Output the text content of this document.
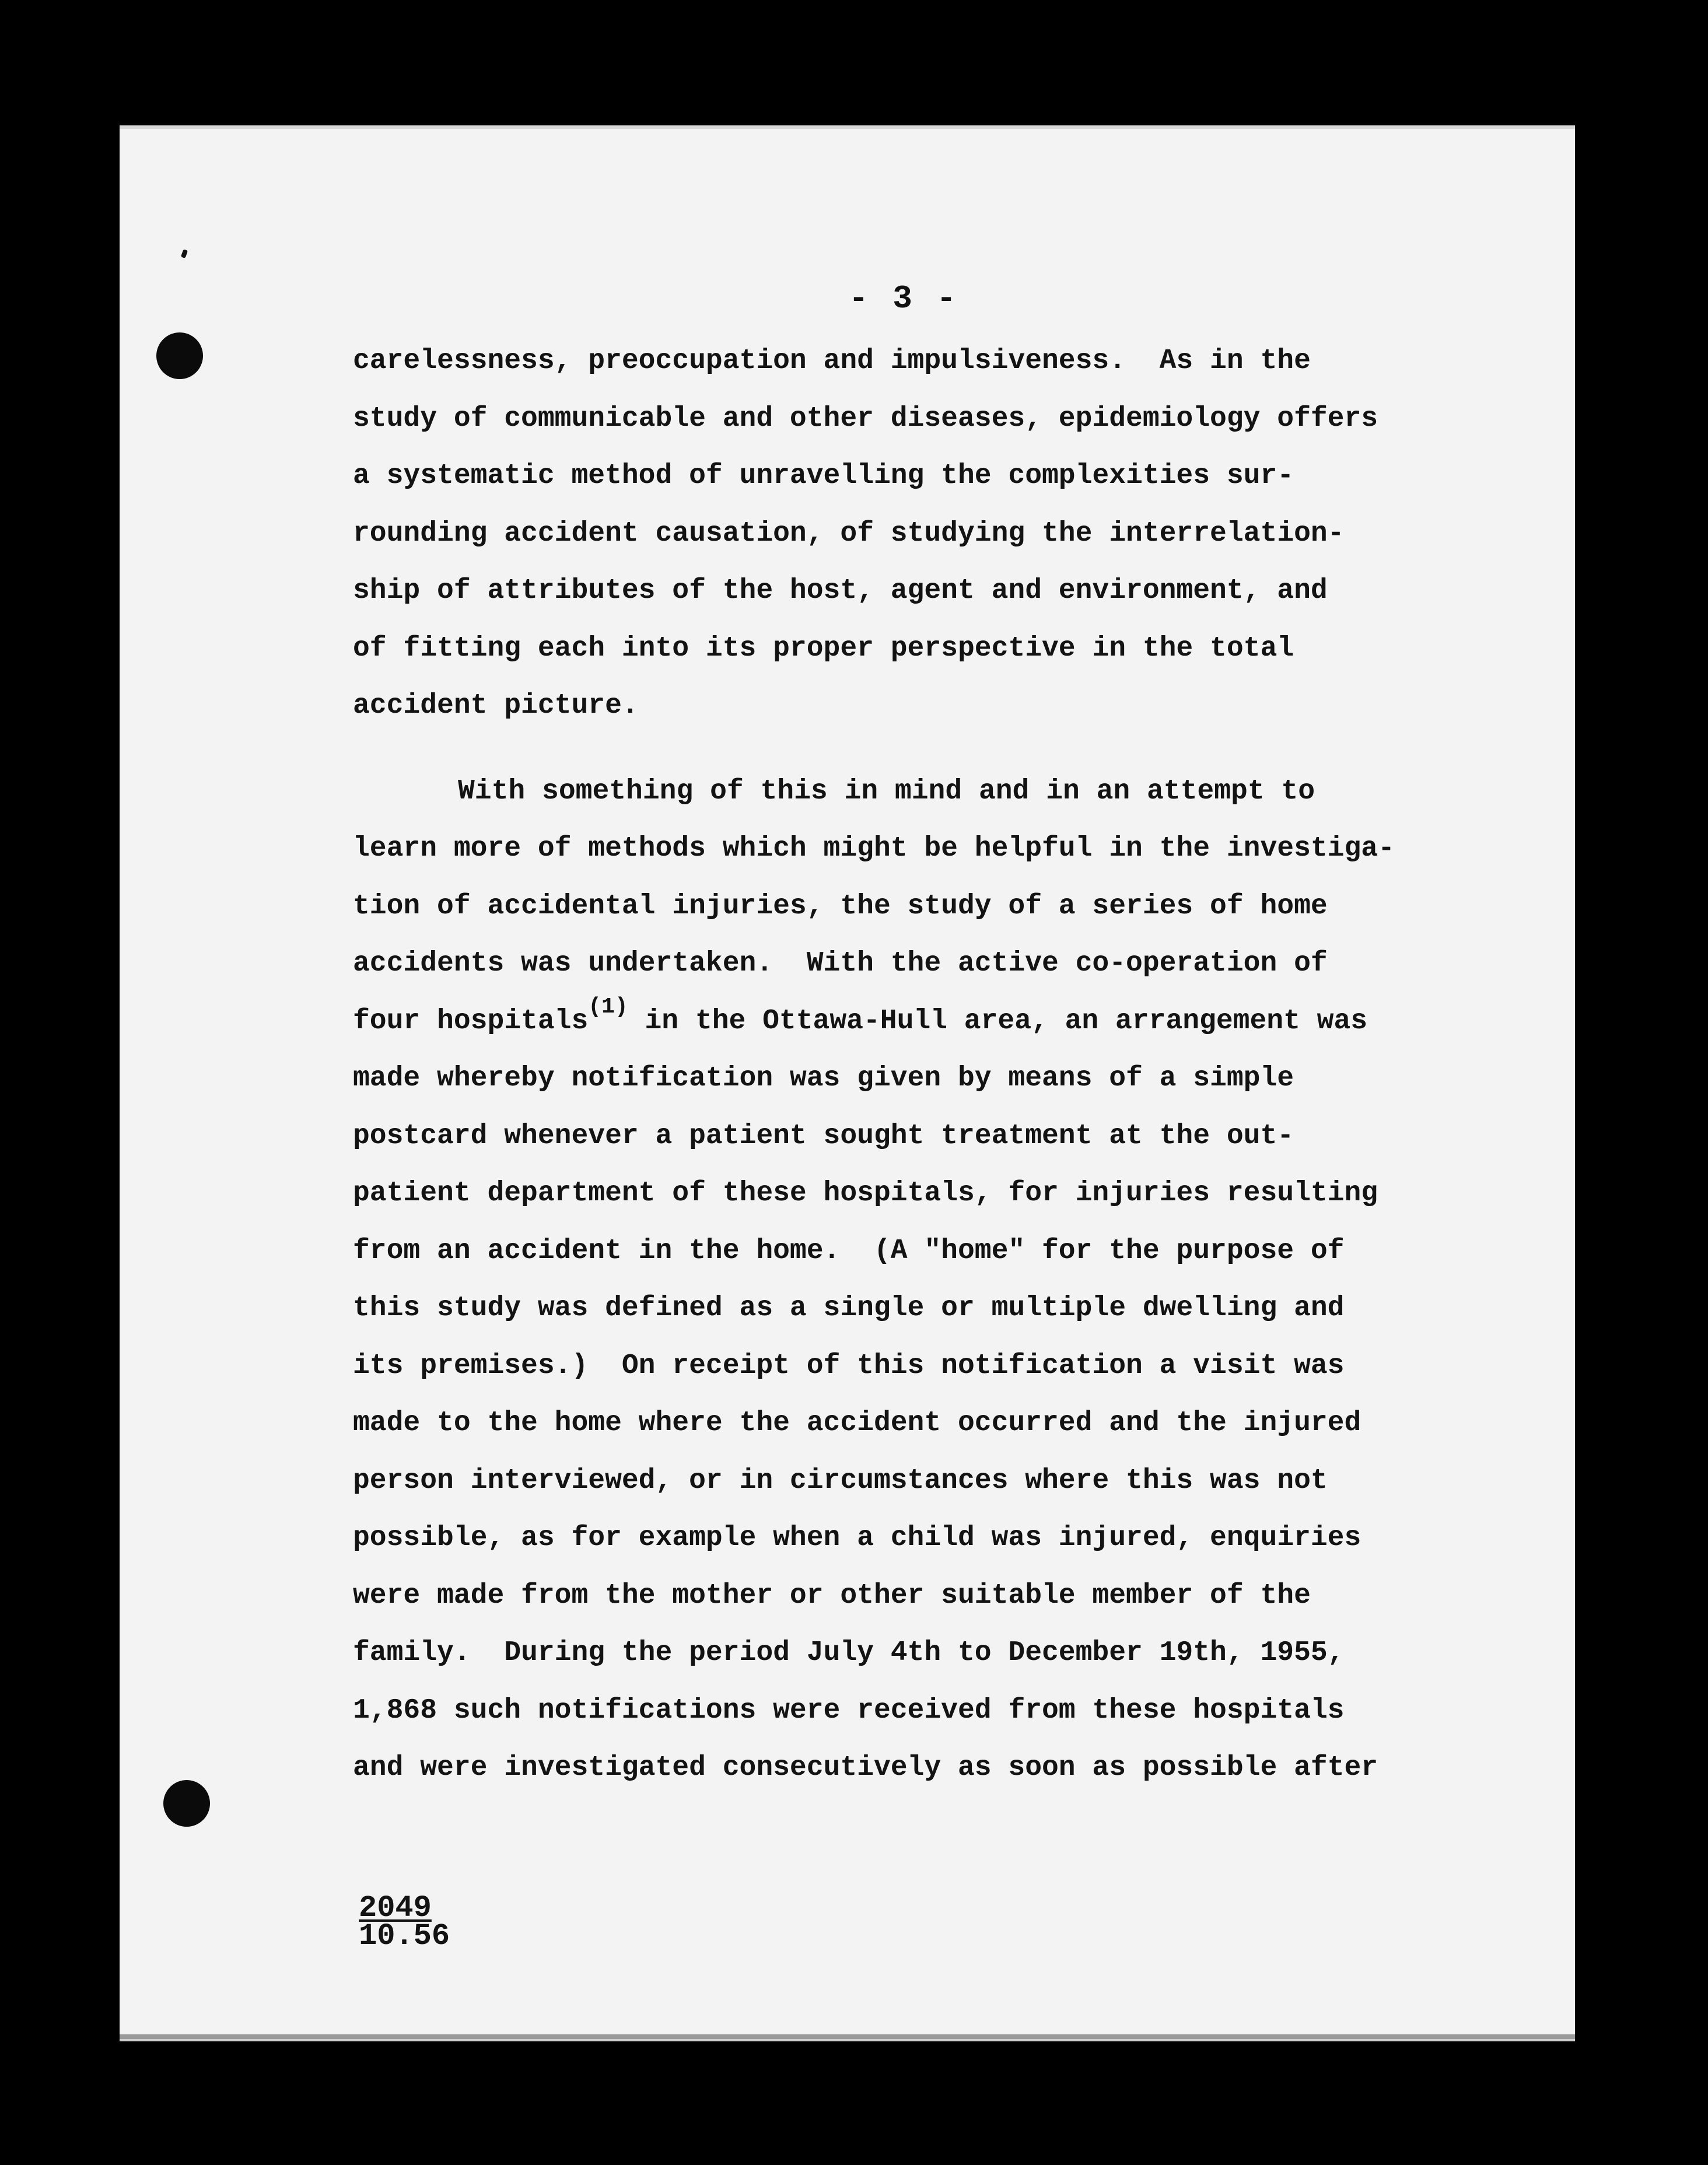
- 3 -
carelessness, preoccupation and impulsiveness.  As in the
study of communicable and other diseases, epidemiology offers
a systematic method of unravelling the complexities sur-
rounding accident causation, of studying the interrelation-
ship of attributes of the host, agent and environment, and
of fitting each into its proper perspective in the total
accident picture.
With something of this in mind and in an attempt to
learn more of methods which might be helpful in the investiga-
tion of accidental injuries, the study of a series of home
accidents was undertaken.  With the active co-operation of
four hospitals$^{(1)}$ in the Ottawa-Hull area, an arrangement was
made whereby notification was given by means of a simple
postcard whenever a patient sought treatment at the out-
patient department of these hospitals, for injuries resulting
from an accident in the home.  (A "home" for the purpose of
this study was defined as a single or multiple dwelling and
its premises.)  On receipt of this notification a visit was
made to the home where the accident occurred and the injured
person interviewed, or in circumstances where this was not
possible, as for example when a child was injured, enquiries
were made from the mother or other suitable member of the
family.  During the period July 4th to December 19th, 1955,
1,868 such notifications were received from these hospitals
and were investigated consecutively as soon as possible after
2049
10.56
